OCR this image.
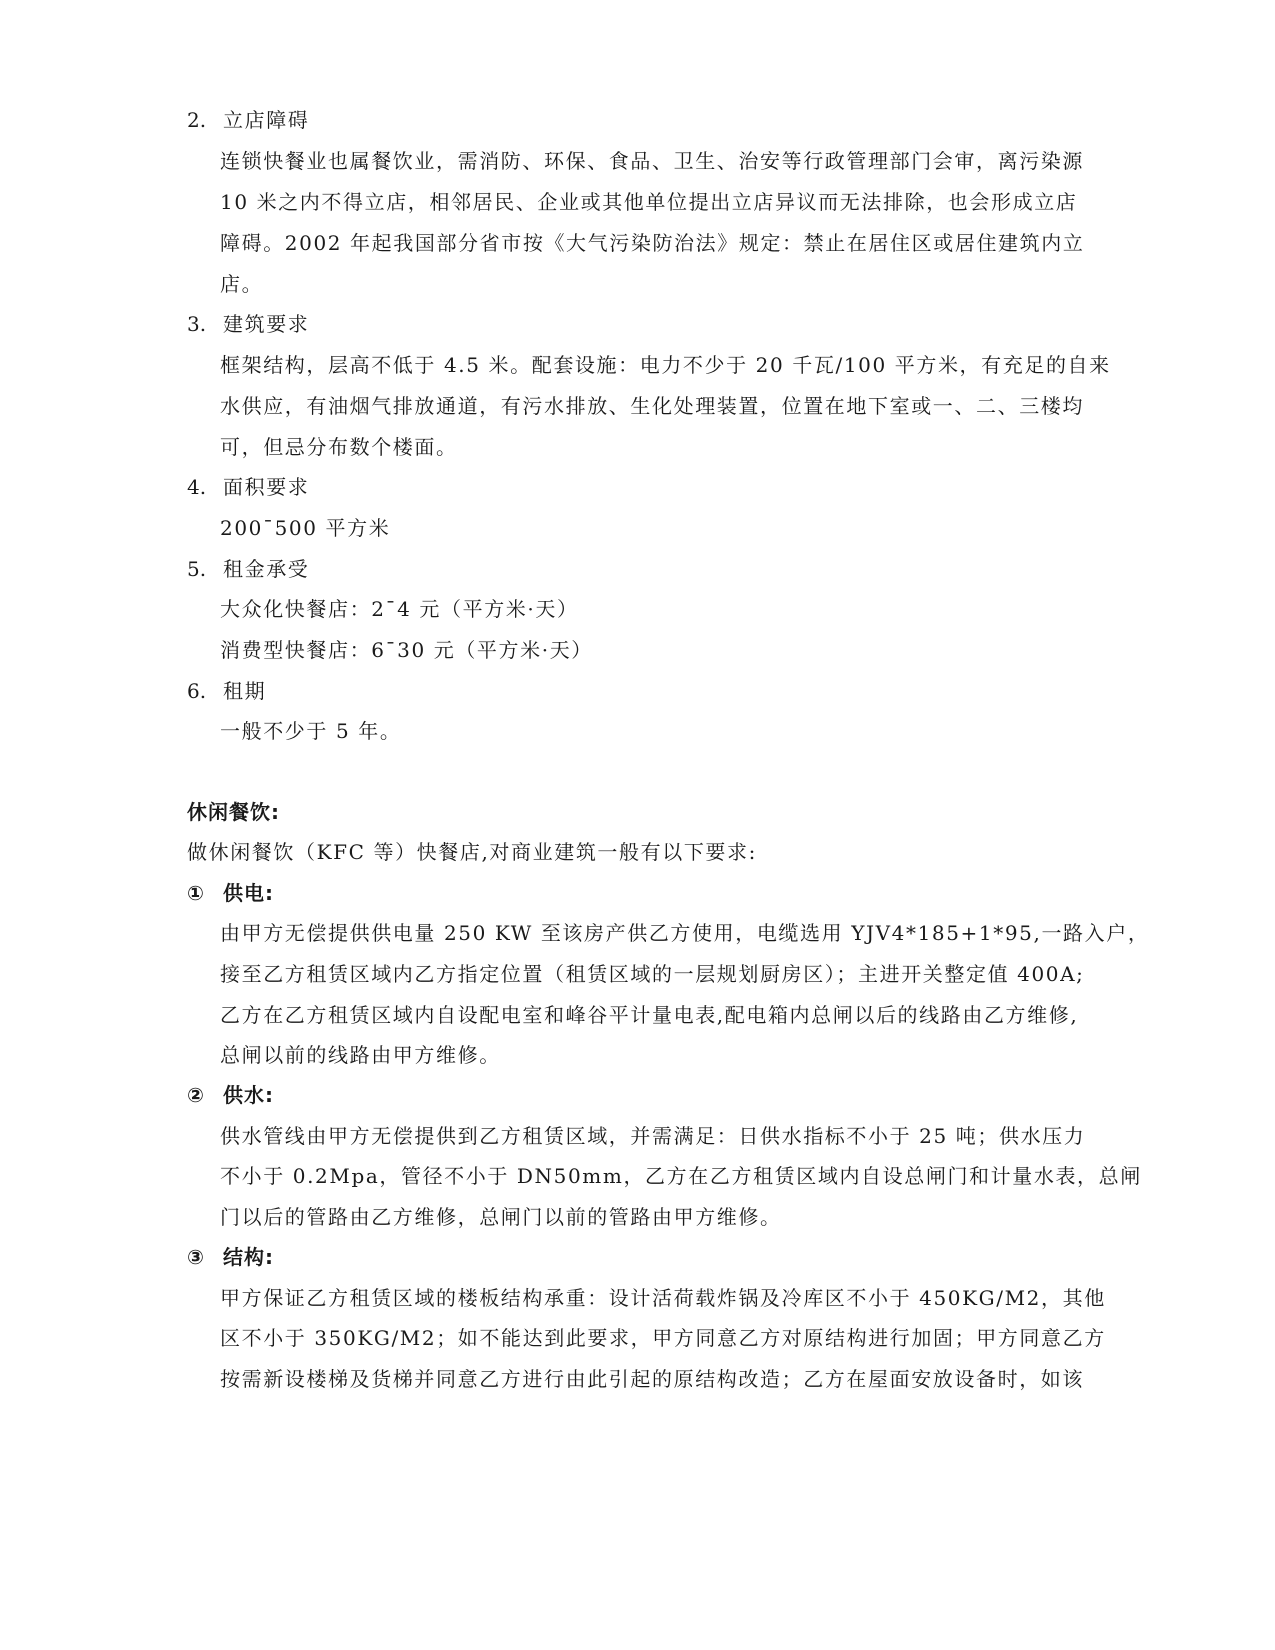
2. 立店障碍
连锁快餐业也属餐饮业，需消防、环保、食品、卫生、治安等行政管理部门会审，离污染源
10 米之内不得立店，相邻居民、企业或其他单位提出立店异议而无法排除，也会形成立店
障碍。2002 年起我国部分省市按《大气污染防治法》规定：禁止在居住区或居住建筑内立
店。
3. 建筑要求
框架结构，层高不低于 4.5 米。配套设施：电力不少于 20 千瓦/100 平方米，有充足的自来
水供应，有油烟气排放通道，有污水排放、生化处理装置，位置在地下室或一、二、三楼均
可，但忌分布数个楼面。
4. 面积要求
200¯500 平方米
5. 租金承受
大众化快餐店：2¯4 元（平方米·天）
消费型快餐店：6¯30 元（平方米·天）
6. 租期
一般不少于 5 年。
休闲餐饮:
做休闲餐饮（KFC 等）快餐店,对商业建筑一般有以下要求:
① 供电:
由甲方无偿提供供电量 250 KW 至该房产供乙方使用，电缆选用 YJV4*185+1*95,一路入户，
接至乙方租赁区域内乙方指定位置（租赁区域的一层规划厨房区）；主进开关整定值 400A;
乙方在乙方租赁区域内自设配电室和峰谷平计量电表,配电箱内总闸以后的线路由乙方维修,
总闸以前的线路由甲方维修。
② 供水:
供水管线由甲方无偿提供到乙方租赁区域，并需满足：日供水指标不小于 25 吨；供水压力
不小于 0.2Mpa，管径不小于 DN50mm，乙方在乙方租赁区域内自设总闸门和计量水表，总闸
门以后的管路由乙方维修，总闸门以前的管路由甲方维修。
③ 结构:
甲方保证乙方租赁区域的楼板结构承重：设计活荷载炸锅及冷库区不小于 450KG/M2，其他
区不小于 350KG/M2；如不能达到此要求，甲方同意乙方对原结构进行加固；甲方同意乙方
按需新设楼梯及货梯并同意乙方进行由此引起的原结构改造；乙方在屋面安放设备时，如该
